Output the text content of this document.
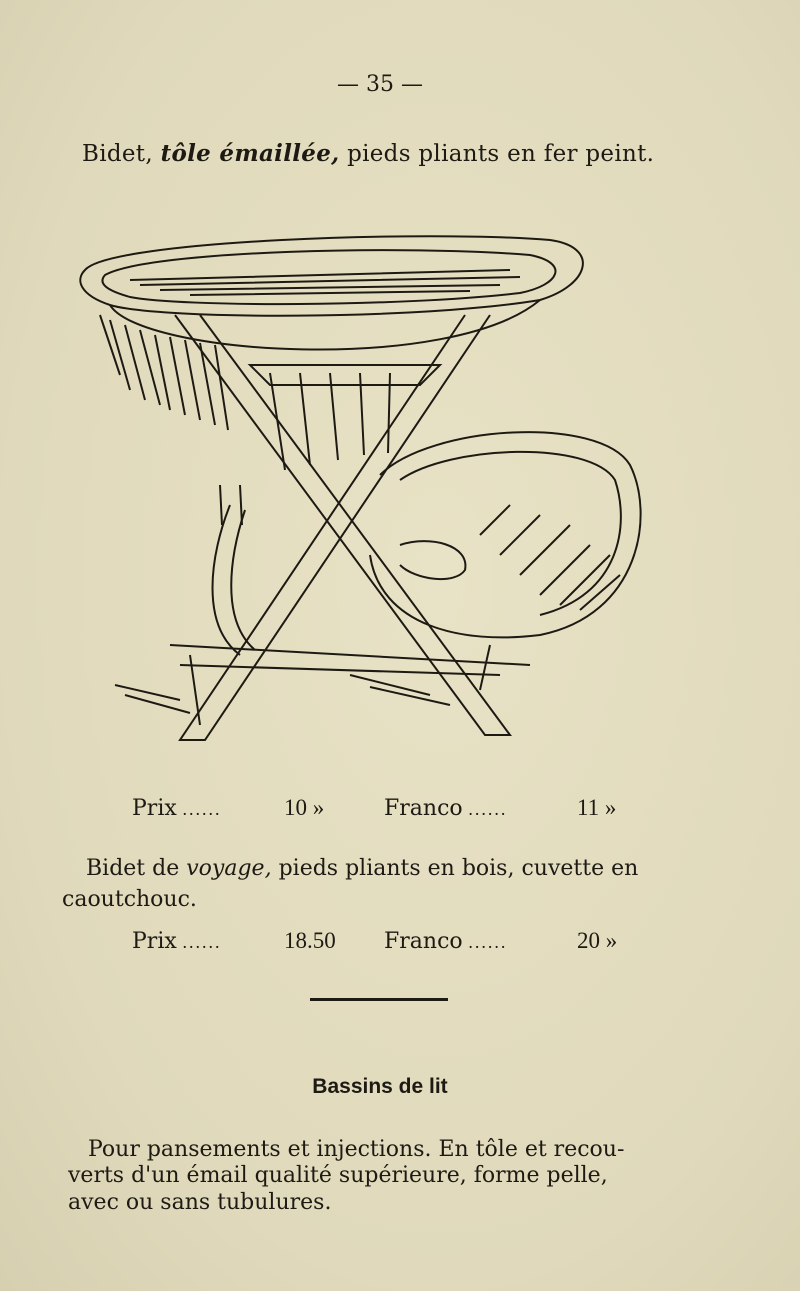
— 35 —
Bidet, tôle émaillée, pieds pliants en fer peint.
Prix ......	10 »	Franco ......	11 »
Bidet de voyage, pieds pliants en bois, cuvette en
caoutchouc.
Prix ......	18.50 Franco ......	20 »
Bassins de lit
Pour pansements et injections. En tôle et recou-
verts d'un émail qualité supérieure, forme pelle,
avec ou sans tubulures.
